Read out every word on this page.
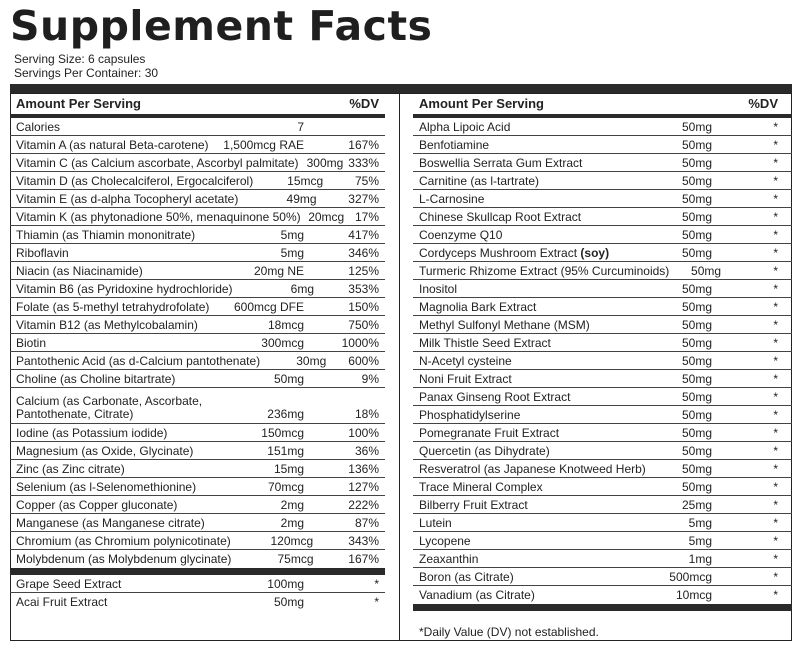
Supplement Facts
Serving Size: 6 capsules
Servings Per Container: 30
Amount Per Serving	%DV
Calories	7
Vitamin A (as natural Beta-carotene)	1,500mcg RAE	167%
Vitamin C (as Calcium ascorbate, Ascorbyl palmitate) 300mg 333%
Vitamin D (as Cholecalciferol, Ergocalciferol)	15mcg	75%
Vitamin E (as d-alpha Tocopheryl acetate)	49mg	327%
Vitamin K (as phytonadione 50%, menaquinone 50%) 20mcg 17%
Thiamin (as Thiamin mononitrate)	5mg	417%
Riboflavin	5mg	346%
Niacin (as Niacinamide)	20mg NE	125%
Vitamin B6 (as Pyridoxine hydrochloride)	6mg	353%
Folate (as 5-methyl tetrahydrofolate)	600mcg DFE	150%
Vitamin B12 (as Methylcobalamin)	18mcg	750%
Biotin	300mcg	1000%
Pantothenic Acid (as d-Calcium pantothenate)	30mg	600%
Choline (as Choline bitartrate)	50mg	9%
Calcium (as Carbonate, Ascorbate, Pantothenate, Citrate)	236mg	18%
Iodine (as Potassium iodide)	150mcg	100%
Magnesium (as Oxide, Glycinate)	151mg	36%
Zinc (as Zinc citrate)	15mg	136%
Selenium (as l-Selenomethionine)	70mcg	127%
Copper (as Copper gluconate)	2mg	222%
Manganese (as Manganese citrate)	2mg	87%
Chromium (as Chromium polynicotinate)	120mcg	343%
Molybdenum (as Molybdenum glycinate)	75mcg	167%
Grape Seed Extract	100mg	*
Acai Fruit Extract	50mg	*
Amount Per Serving	%DV
Alpha Lipoic Acid	50mg	*
Benfotiamine	50mg	*
Boswellia Serrata Gum Extract	50mg	*
Carnitine (as l-tartrate)	50mg	*
L-Carnosine	50mg	*
Chinese Skullcap Root Extract	50mg	*
Coenzyme Q10	50mg	*
Cordyceps Mushroom Extract (soy)	50mg	*
Turmeric Rhizome Extract (95% Curcuminoids)	50mg	*
Inositol	50mg	*
Magnolia Bark Extract	50mg	*
Methyl Sulfonyl Methane (MSM)	50mg	*
Milk Thistle Seed Extract	50mg	*
N-Acetyl cysteine	50mg	*
Noni Fruit Extract	50mg	*
Panax Ginseng Root Extract	50mg	*
Phosphatidylserine	50mg	*
Pomegranate Fruit Extract	50mg	*
Quercetin (as Dihydrate)	50mg	*
Resveratrol (as Japanese Knotweed Herb)	50mg	*
Trace Mineral Complex	50mg	*
Bilberry Fruit Extract	25mg	*
Lutein	5mg	*
Lycopene	5mg	*
Zeaxanthin	1mg	*
Boron (as Citrate)	500mcg	*
Vanadium (as Citrate)	10mcg	*
*Daily Value (DV) not established.
